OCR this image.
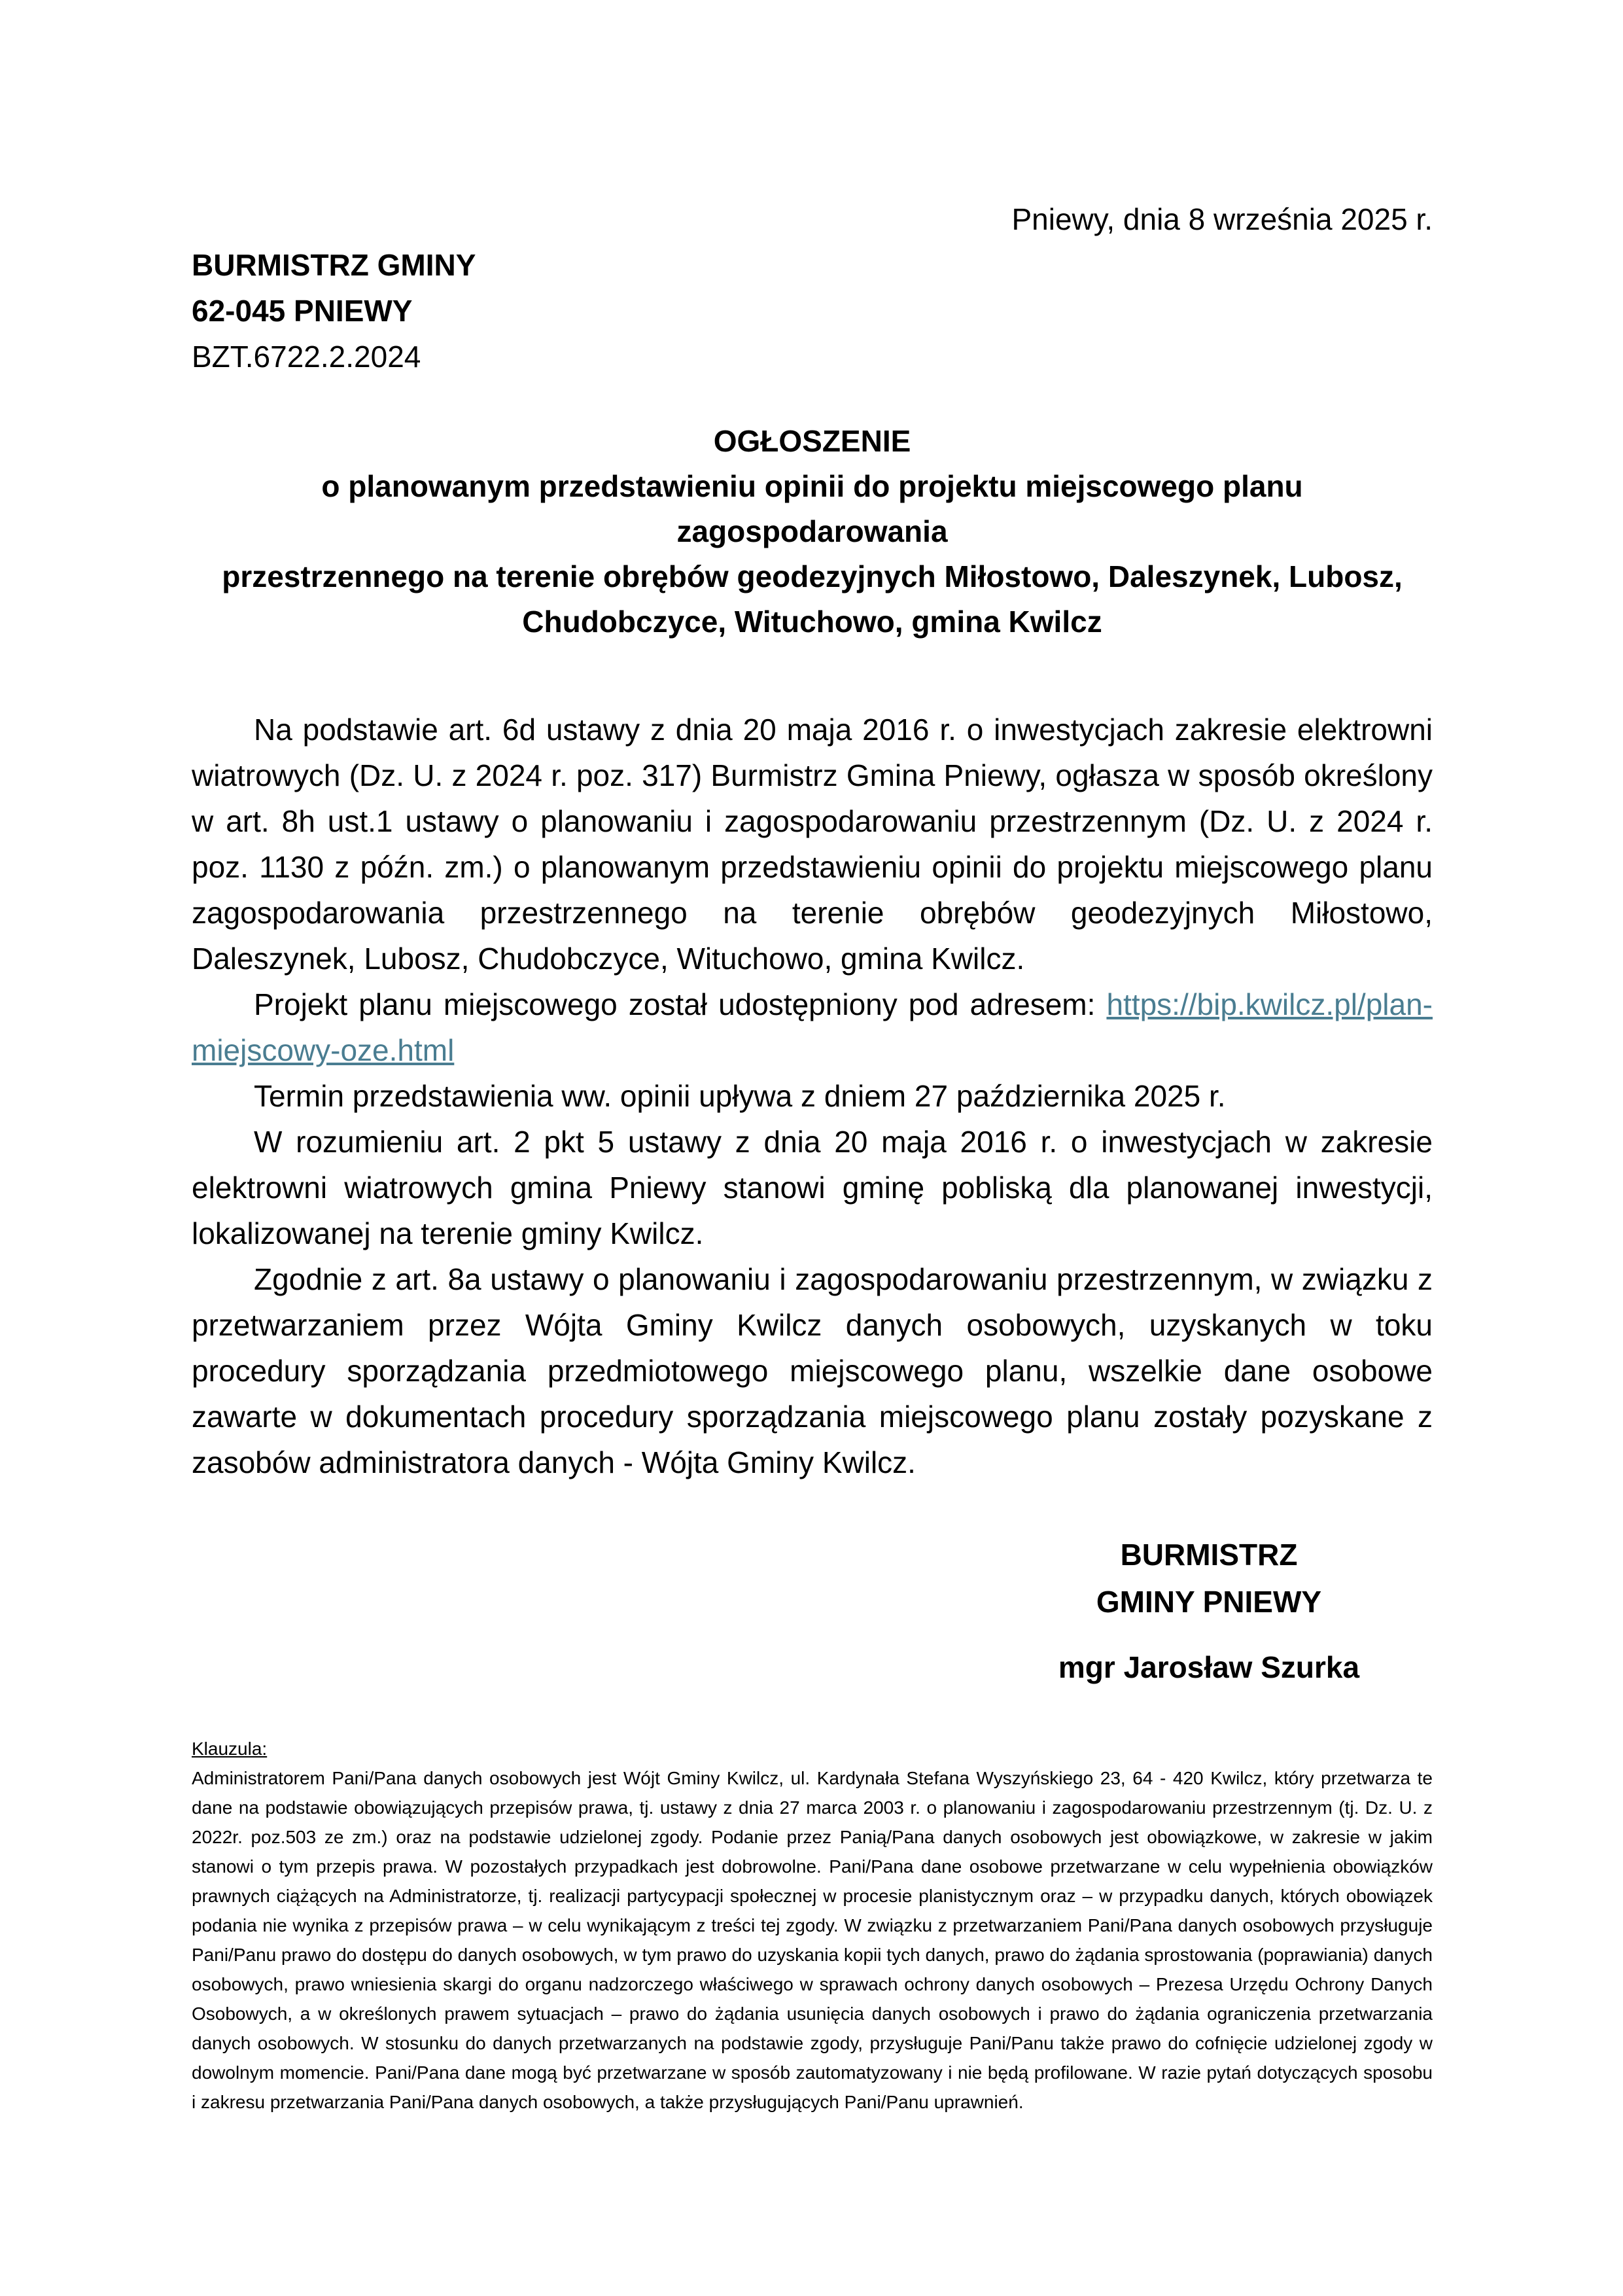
Pniewy, dnia 8 września 2025 r.
BURMISTRZ GMINY
62-045 PNIEWY
BZT.6722.2.2024
OGŁOSZENIE
o planowanym przedstawieniu opinii do projektu miejscowego planu zagospodarowania
przestrzennego na terenie obrębów geodezyjnych Miłostowo, Daleszynek, Lubosz,
Chudobczyce, Wituchowo, gmina Kwilcz

Na podstawie art. 6d ustawy z dnia 20 maja 2016 r. o inwestycjach zakresie elektrowni wiatrowych (Dz. U. z 2024 r. poz. 317) Burmistrz Gmina Pniewy, ogłasza w sposób określony w art. 8h ust.1 ustawy o planowaniu i zagospodarowaniu przestrzennym (Dz. U. z 2024 r. poz. 1130 z późn. zm.) o planowanym przedstawieniu opinii do projektu miejscowego planu zagospodarowania przestrzennego na terenie obrębów geodezyjnych Miłostowo, Daleszynek, Lubosz, Chudobczyce, Wituchowo, gmina Kwilcz.

Projekt planu miejscowego został udostępniony pod adresem: https://bip.kwilcz.pl/plan-miejscowy-oze.html

Termin przedstawienia ww. opinii upływa z dniem 27 października 2025 r.

W rozumieniu art. 2 pkt 5 ustawy z dnia 20 maja 2016 r. o inwestycjach w zakresie elektrowni wiatrowych gmina Pniewy stanowi gminę pobliską dla planowanej inwestycji, lokalizowanej na terenie gminy Kwilcz.

Zgodnie z art. 8a ustawy o planowaniu i zagospodarowaniu przestrzennym, w związku z przetwarzaniem przez Wójta Gminy Kwilcz danych osobowych, uzyskanych w toku procedury sporządzania przedmiotowego miejscowego planu, wszelkie dane osobowe zawarte w dokumentach procedury sporządzania miejscowego planu zostały pozyskane z zasobów administratora danych - Wójta Gminy Kwilcz.

BURMISTRZ
GMINY PNIEWY
mgr Jarosław Szurka

Klauzula:

Administratorem Pani/Pana danych osobowych jest Wójt Gminy Kwilcz, ul. Kardynała Stefana Wyszyńskiego 23, 64 - 420 Kwilcz, który przetwarza te dane na podstawie obowiązujących przepisów prawa, tj. ustawy z dnia 27 marca 2003 r. o planowaniu i zagospodarowaniu przestrzennym (tj. Dz. U. z 2022r. poz.503 ze zm.) oraz na podstawie udzielonej zgody. Podanie przez Panią/Pana danych osobowych jest obowiązkowe, w zakresie w jakim stanowi o tym przepis prawa. W pozostałych przypadkach jest dobrowolne. Pani/Pana dane osobowe przetwarzane w celu wypełnienia obowiązków prawnych ciążących na Administratorze, tj. realizacji partycypacji społecznej w procesie planistycznym oraz – w przypadku danych, których obowiązek podania nie wynika z przepisów prawa – w celu wynikającym z treści tej zgody. W związku z przetwarzaniem Pani/Pana danych osobowych przysługuje Pani/Panu prawo do dostępu do danych osobowych, w tym prawo do uzyskania kopii tych danych, prawo do żądania sprostowania (poprawiania) danych osobowych, prawo wniesienia skargi do organu nadzorczego właściwego w sprawach ochrony danych osobowych – Prezesa Urzędu Ochrony Danych Osobowych, a w określonych prawem sytuacjach – prawo do żądania usunięcia danych osobowych i prawo do żądania ograniczenia przetwarzania danych osobowych. W stosunku do danych przetwarzanych na podstawie zgody, przysługuje Pani/Panu także prawo do cofnięcie udzielonej zgody w dowolnym momencie. Pani/Pana dane mogą być przetwarzane w sposób zautomatyzowany i nie będą profilowane. W razie pytań dotyczących sposobu i zakresu przetwarzania Pani/Pana danych osobowych, a także przysługujących Pani/Panu uprawnień.
